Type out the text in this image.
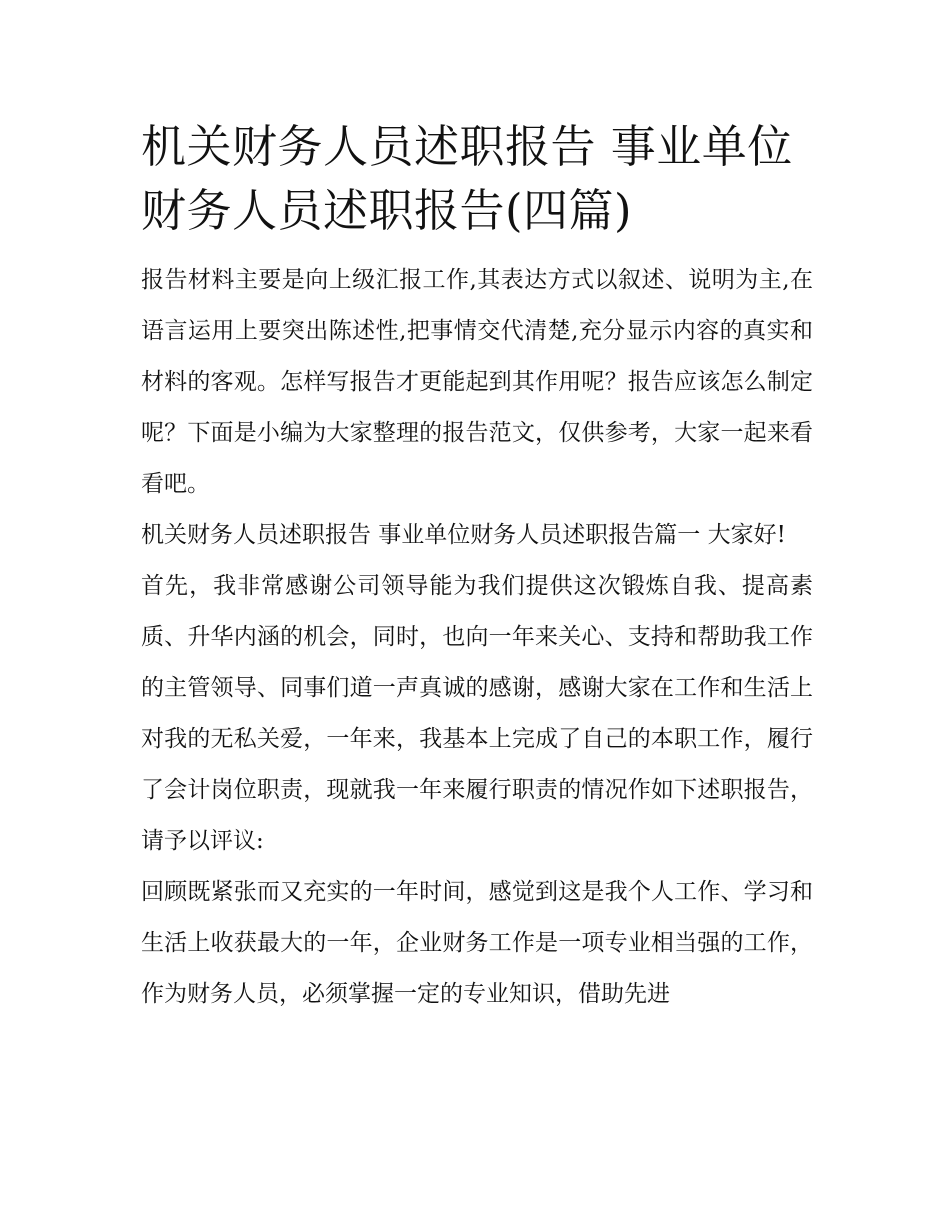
机关财务人员述职报告 事业单位财务人员述职报告(四篇)

报告材料主要是向上级汇报工作,其表达方式以叙述、说明为主,在语言运用上要突出陈述性,把事情交代清楚,充分显示内容的真实和材料的客观。怎样写报告才更能起到其作用呢？报告应该怎么制定呢？下面是小编为大家整理的报告范文，仅供参考，大家一起来看看吧。

机关财务人员述职报告 事业单位财务人员述职报告篇一 大家好!

首先，我非常感谢公司领导能为我们提供这次锻炼自我、提高素质、升华内涵的机会，同时，也向一年来关心、支持和帮助我工作的主管领导、同事们道一声真诚的感谢，感谢大家在工作和生活上对我的无私关爱，一年来，我基本上完成了自己的本职工作，履行了会计岗位职责，现就我一年来履行职责的情况作如下述职报告，请予以评议:

回顾既紧张而又充实的一年时间，感觉到这是我个人工作、学习和生活上收获最大的一年，企业财务工作是一项专业相当强的工作，作为财务人员，必须掌握一定的专业知识，借助先进
